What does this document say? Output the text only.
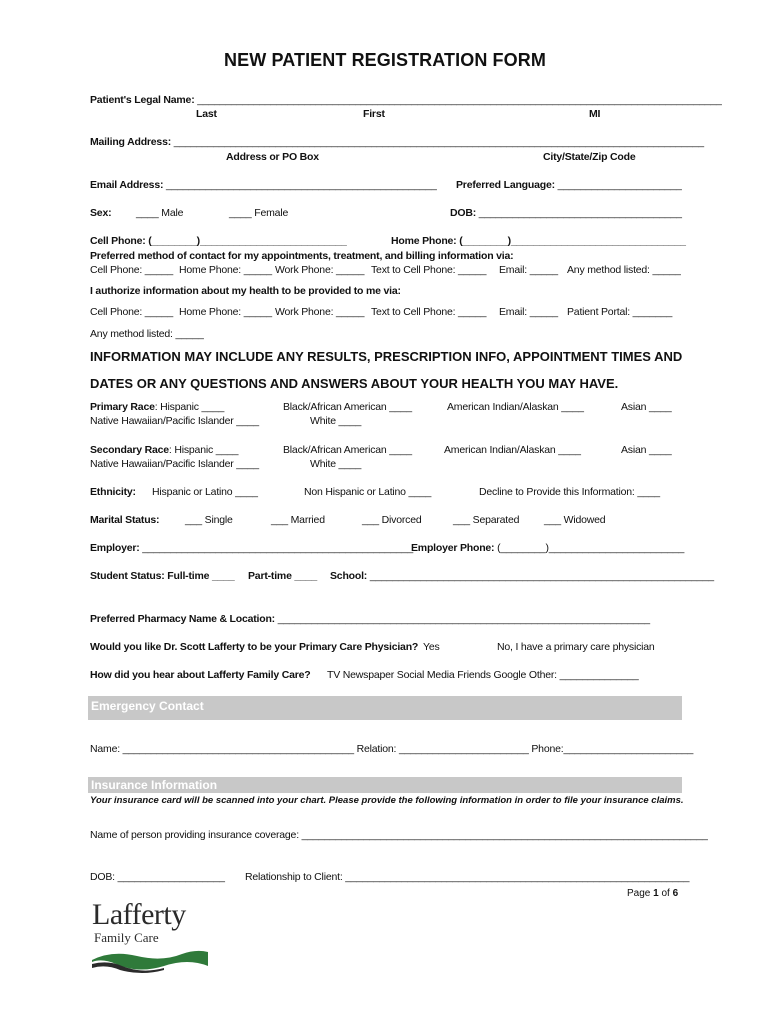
NEW PATIENT REGISTRATION FORM
Patient's Legal Name: _____________________________________________________________________________________________
Last	First	MI
Mailing Address: ______________________________________________________________________________________________
Address or PO Box	City/State/Zip Code
Email Address: ________________________________________________ Preferred Language: ______________________
Sex: ____ Male	____ Female	DOB: ____________________________________
Cell Phone: (________)__________________________	Home Phone: (________)_______________________________
Preferred method of contact for my appointments, treatment, and billing information via:
Cell Phone: _____ Home Phone: _____ Work Phone: _____ Text to Cell Phone: _____ Email: _____ Any method listed: _____
I authorize information about my health to be provided to me via:
Cell Phone: _____ Home Phone: _____ Work Phone: _____ Text to Cell Phone: _____ Email: _____ Patient Portal: _______
Any method listed: _____
INFORMATION MAY INCLUDE ANY RESULTS, PRESCRIPTION INFO, APPOINTMENT TIMES AND
DATES OR ANY QUESTIONS AND ANSWERS ABOUT YOUR HEALTH YOU MAY HAVE.
Primary Race: Hispanic ____	Black/African American ____	American Indian/Alaskan ____	Asian ____
Native Hawaiian/Pacific Islander ____	White ____
Secondary Race: Hispanic ____	Black/African American ____	American Indian/Alaskan ____	Asian ____
Native Hawaiian/Pacific Islander ____	White ____
Ethnicity: Hispanic or Latino ____	Non Hispanic or Latino ____	Decline to Provide this Information: ____
Marital Status: ___ Single	___ Married	___ Divorced	___ Separated ___ Widowed
Employer: ________________________________________________
Employer Phone: (________)________________________
Student Status: Full-time ____ Part-time ____ School: _____________________________________________________________
Preferred Pharmacy Name & Location: __________________________________________________________________
Would you like Dr. Scott Lafferty to be your Primary Care Physician? Yes	No, I have a primary care physician
How did you hear about Lafferty Family Care? TV Newspaper Social Media Friends Google Other: ______________
Emergency Contact
Name: _________________________________________ Relation: _______________________ Phone:_______________________
Insurance Information
Your insurance card will be scanned into your chart. Please provide the following information in order to file your insurance claims.
Name of person providing insurance coverage: ________________________________________________________________________
DOB: ___________________ Relationship to Client: _____________________________________________________________
Page 1 of 6
Lafferty
Family Care
